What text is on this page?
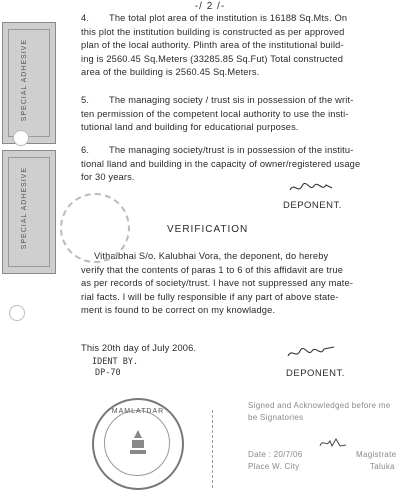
-/ 2 /-
SPECIAL ADHESIVE
SPECIAL ADHESIVE
4.	The total plot area of the institution is 16188 Sq.Mts. On
this plot the institution building is constructed as per approved
plan of the local authority. Plinth area of the institutional build-
ing is 2560.45 Sq.Meters (33285.85 Sq.Fut) Total constructed
area of the building is 2560.45 Sq.Meters.
5.	The managing society / trust sis in possession of the writ-
ten permission of the competent local authority to use the insti-
tutional land and building for educational purposes.
6.	The managing society/trust is in possession of the institu-
tional lland and building in the capacity of owner/registered usage
for 30 years.
DEPONENT.
VERIFICATION
Vithalbhai S/o. Kalubhai Vora, the deponent, do hereby
verify that the contents of paras 1 to 6 of this affidavit are true
as per records of society/trust. I have not suppressed any mate-
rial facts. I will be fully responsible if any part of above state-
ment is found to be correct on my knowladge.
This 20th day of July 2006.
IDENT BY.
DP-70	DEPONENT.
MAMLATDAR
Signed and Acknowledged before me
be Signatories
Date : 20/7/06
Place W. City
Magistrate
Taluka
